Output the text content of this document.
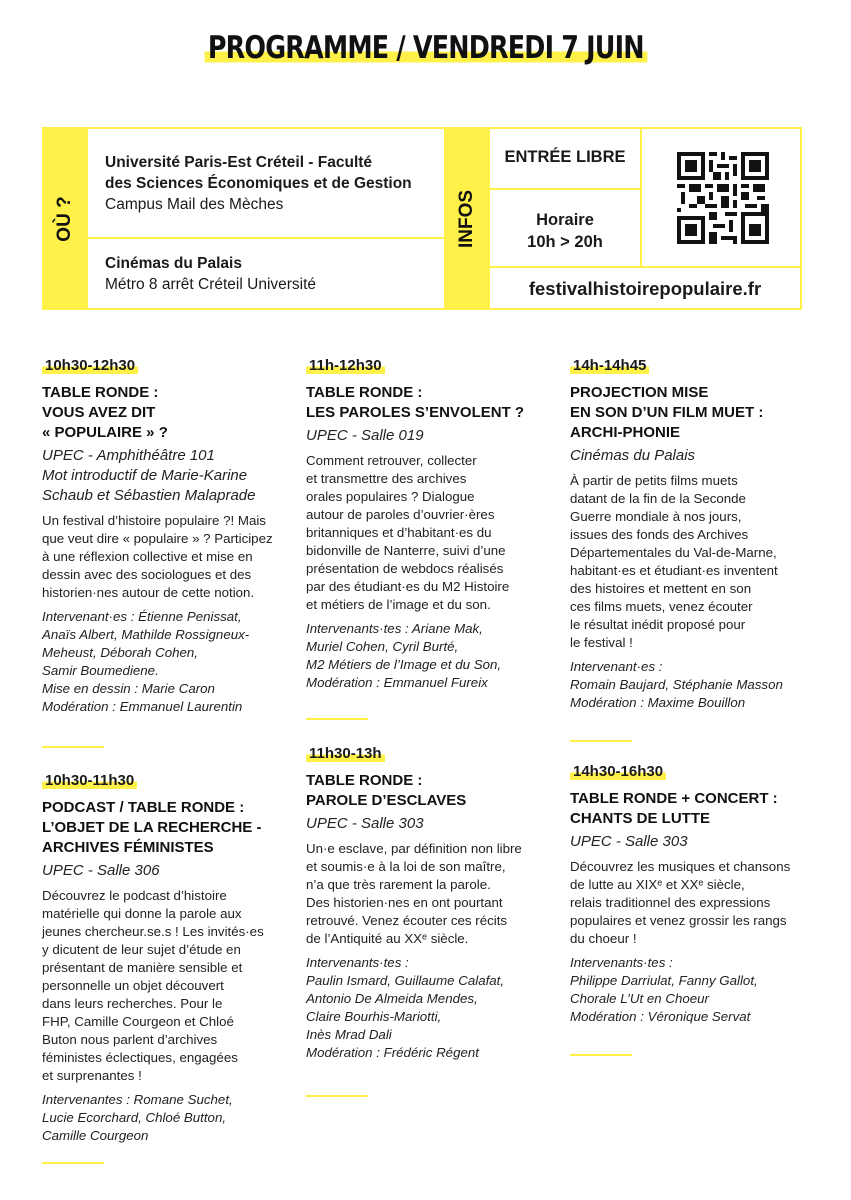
PROGRAMME / VENDREDI 7 JUIN
OÙ ?	INFOS
Université Paris-Est Créteil - Faculté
des Sciences Économiques et de Gestion
Campus Mail des Mèches
Cinémas du Palais
Métro 8 arrêt Créteil Université
ENTRÉE LIBRE
Horaire
10h > 20h
festivalhistoirepopulaire.fr
10h30-12h30
TABLE RONDE :
VOUS AVEZ DIT
« POPULAIRE » ?
UPEC - Amphithéâtre 101
Mot introductif de Marie-Karine
Schaub et Sébastien Malaprade
Un festival d’histoire populaire ?! Mais
que veut dire « populaire » ? Participez
à une réflexion collective et mise en
dessin avec des sociologues et des
historien·nes autour de cette notion.
Intervenant·es : Étienne Penissat,
Anaïs Albert, Mathilde Rossigneux-
Meheust, Déborah Cohen,
Samir Boumediene.
Mise en dessin : Marie Caron
Modération : Emmanuel Laurentin
10h30-11h30
PODCAST / TABLE RONDE :
L’OBJET DE LA RECHERCHE -
ARCHIVES FÉMINISTES
UPEC - Salle 306
Découvrez le podcast d’histoire
matérielle qui donne la parole aux
jeunes chercheur.se.s ! Les invités·es
y dicutent de leur sujet d’étude en
présentant de manière sensible et
personnelle un objet découvert
dans leurs recherches. Pour le
FHP, Camille Courgeon et Chloé
Buton nous parlent d’archives
féministes éclectiques, engagées
et surprenantes !
Intervenantes : Romane Suchet,
Lucie Ecorchard, Chloé Button,
Camille Courgeon
11h-12h30
TABLE RONDE :
LES PAROLES S’ENVOLENT ?
UPEC - Salle 019
Comment retrouver, collecter
et transmettre des archives
orales populaires ? Dialogue
autour de paroles d’ouvrier·ères
britanniques et d’habitant·es du
bidonville de Nanterre, suivi d’une
présentation de webdocs réalisés
par des étudiant·es du M2 Histoire
et métiers de l’image et du son.
Intervenants·tes : Ariane Mak,
Muriel Cohen, Cyril Burté,
M2 Métiers de l’Image et du Son,
Modération : Emmanuel Fureix
11h30-13h
TABLE RONDE :
PAROLE D’ESCLAVES
UPEC - Salle 303
Un·e esclave, par définition non libre
et soumis·e à la loi de son maître,
n’a que très rarement la parole.
Des historien·nes en ont pourtant
retrouvé. Venez écouter ces récits
de l’Antiquité au XXᵉ siècle.
Intervenants·tes :
Paulin Ismard, Guillaume Calafat,
Antonio De Almeida Mendes,
Claire Bourhis-Mariotti,
Inès Mrad Dali
Modération : Frédéric Régent
14h-14h45
PROJECTION MISE
EN SON D’UN FILM MUET :
ARCHI-PHONIE
Cinémas du Palais
À partir de petits films muets
datant de la fin de la Seconde
Guerre mondiale à nos jours,
issues des fonds des Archives
Départementales du Val-de-Marne,
habitant·es et étudiant·es inventent
des histoires et mettent en son
ces films muets, venez écouter
le résultat inédit proposé pour
le festival !
Intervenant·es :
Romain Baujard, Stéphanie Masson
Modération : Maxime Bouillon
14h30-16h30
TABLE RONDE + CONCERT :
CHANTS DE LUTTE
UPEC - Salle 303
Découvrez les musiques et chansons
de lutte au XIXᵉ et XXᵉ siècle,
relais traditionnel des expressions
populaires et venez grossir les rangs
du choeur !
Intervenants·tes :
Philippe Darriulat, Fanny Gallot,
Chorale L’Ut en Choeur
Modération : Véronique Servat
